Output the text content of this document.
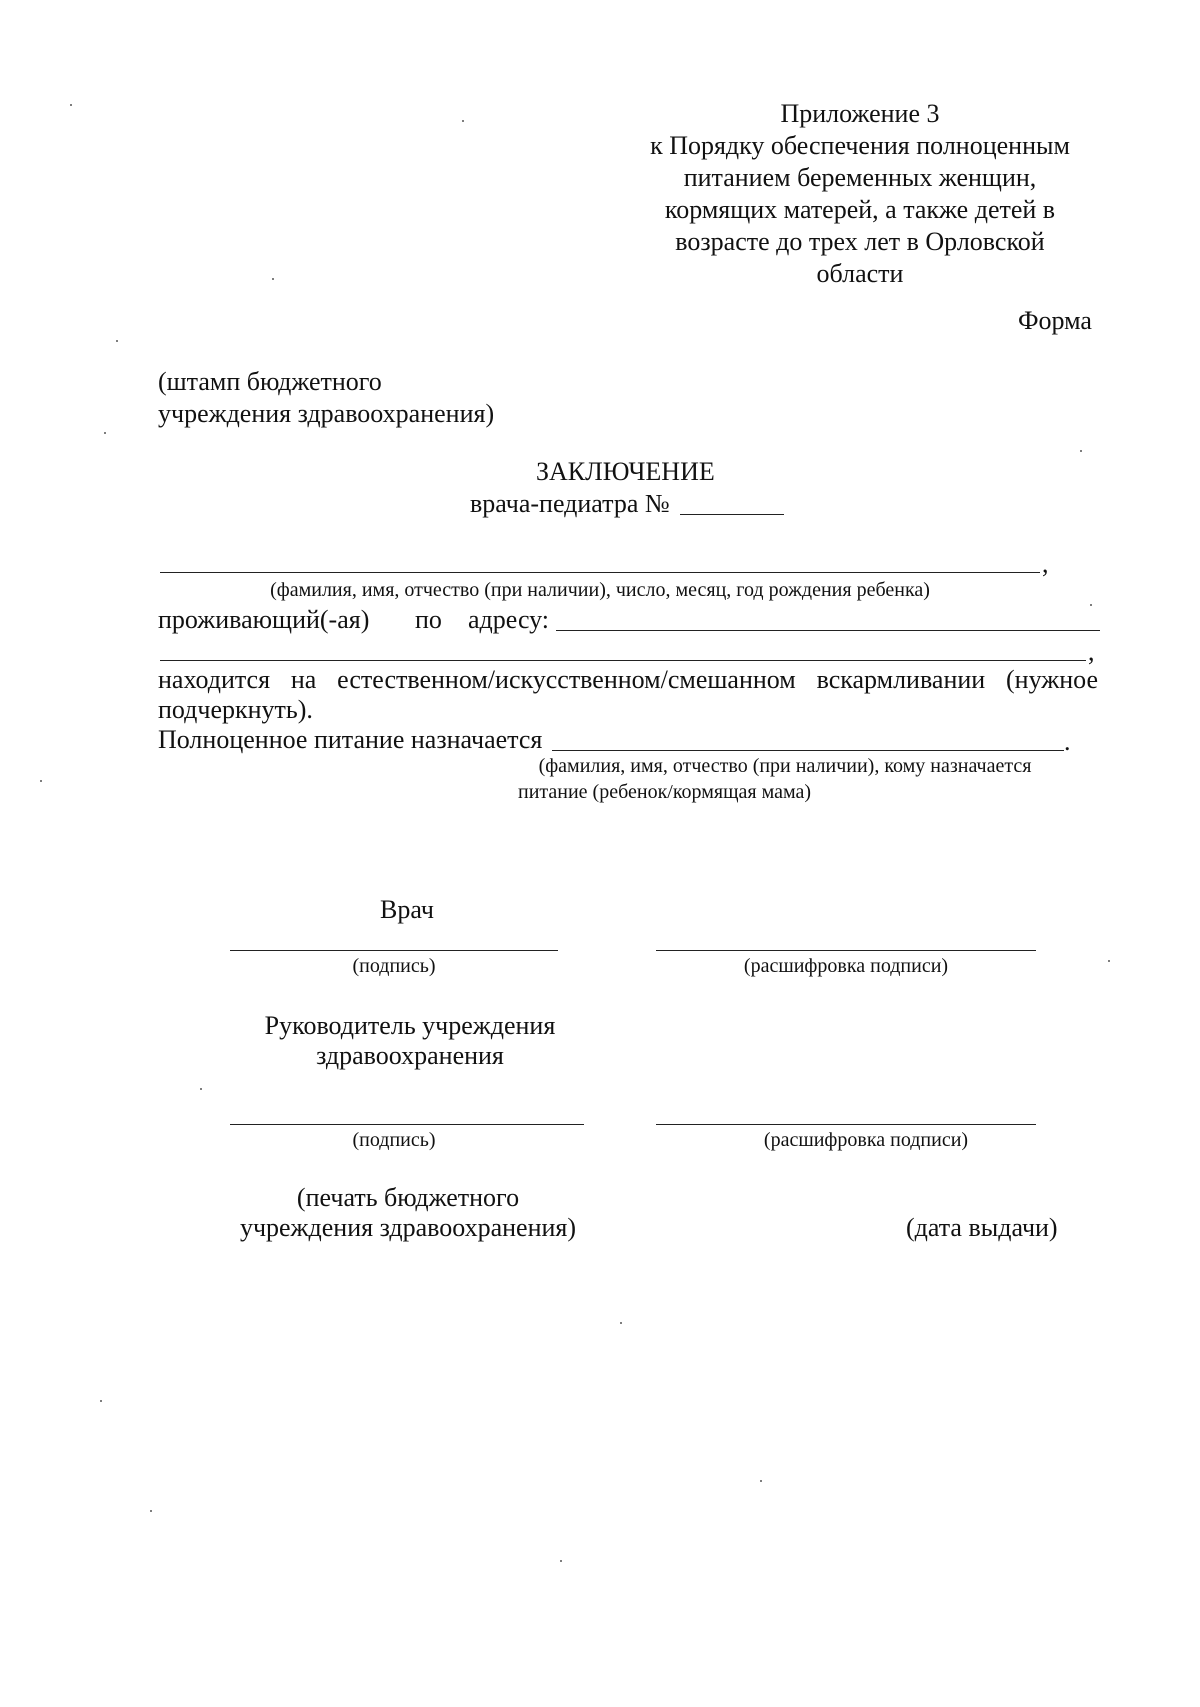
Приложение 3
к Порядку обеспечения полноценным
питанием беременных женщин,
кормящих матерей, а также детей в
возрасте до трех лет в Орловской
области
Форма
(штамп бюджетного
учреждения здравоохранения)
ЗАКЛЮЧЕНИЕ
врача-педиатра №
,
(фамилия, имя, отчество (при наличии), число, месяц, год рождения ребенка)
проживающий(-ая) по адресу:
,
находится на естественном/искусственном/смешанном вскармливании (нужное
подчеркнуть).
Полноценное питание назначается	.
(фамилия, имя, отчество (при наличии), кому назначается
питание (ребенок/кормящая мама)
Врач
(подпись)	(расшифровка подписи)
Руководитель учреждения
здравоохранения
(подпись)	(расшифровка подписи)
(печать бюджетного
учреждения здравоохранения)	(дата выдачи)
